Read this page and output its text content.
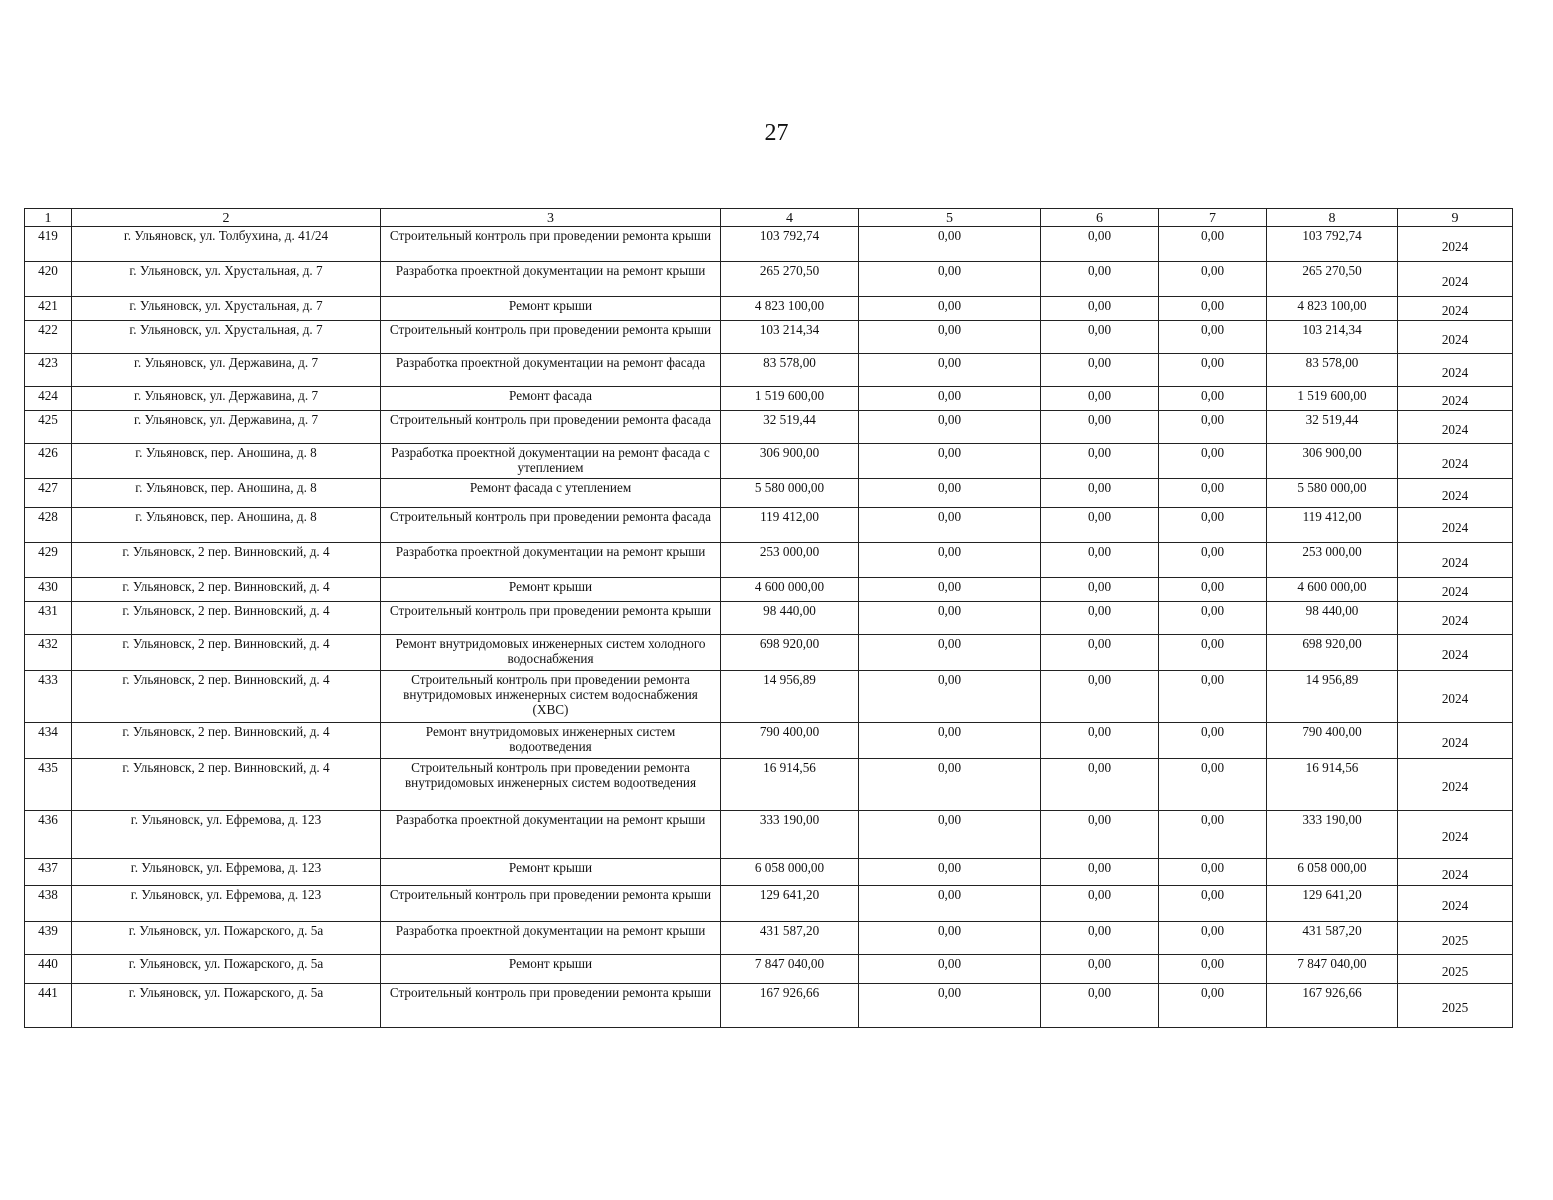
27
1	2	3	4	5	6	7	8	9
419	г. Ульяновск, ул. Толбухина, д. 41/24	Строительный контроль при проведении ремонта крыши	103 792,74	0,00	0,00	0,00	103 792,74	2024
420	г. Ульяновск, ул. Хрустальная, д. 7	Разработка проектной документации на ремонт крыши	265 270,50	0,00	0,00	0,00	265 270,50	2024
421	г. Ульяновск, ул. Хрустальная, д. 7	Ремонт крыши	4 823 100,00	0,00	0,00	0,00	4 823 100,00	2024
422	г. Ульяновск, ул. Хрустальная, д. 7	Строительный контроль при проведении ремонта крыши	103 214,34	0,00	0,00	0,00	103 214,34	2024
423	г. Ульяновск, ул. Державина, д. 7	Разработка проектной документации на ремонт фасада	83 578,00	0,00	0,00	0,00	83 578,00	2024
424	г. Ульяновск, ул. Державина, д. 7	Ремонт фасада	1 519 600,00	0,00	0,00	0,00	1 519 600,00	2024
425	г. Ульяновск, ул. Державина, д. 7	Строительный контроль при проведении ремонта фасада	32 519,44	0,00	0,00	0,00	32 519,44	2024
426	г. Ульяновск, пер. Аношина, д. 8	Разработка проектной документации на ремонт фасада с утеплением	306 900,00	0,00	0,00	0,00	306 900,00	2024
427	г. Ульяновск, пер. Аношина, д. 8	Ремонт фасада с утеплением	5 580 000,00	0,00	0,00	0,00	5 580 000,00	2024
428	г. Ульяновск, пер. Аношина, д. 8	Строительный контроль при проведении ремонта фасада	119 412,00	0,00	0,00	0,00	119 412,00	2024
429	г. Ульяновск, 2 пер. Винновский, д. 4	Разработка проектной документации на ремонт крыши	253 000,00	0,00	0,00	0,00	253 000,00	2024
430	г. Ульяновск, 2 пер. Винновский, д. 4	Ремонт крыши	4 600 000,00	0,00	0,00	0,00	4 600 000,00	2024
431	г. Ульяновск, 2 пер. Винновский, д. 4	Строительный контроль при проведении ремонта крыши	98 440,00	0,00	0,00	0,00	98 440,00	2024
432	г. Ульяновск, 2 пер. Винновский, д. 4	Ремонт внутридомовых инженерных систем холодного водоснабжения	698 920,00	0,00	0,00	0,00	698 920,00	2024
433	г. Ульяновск, 2 пер. Винновский, д. 4	Строительный контроль при проведении ремонта внутридомовых инженерных систем водоснабжения (ХВС)	14 956,89	0,00	0,00	0,00	14 956,89	2024
434	г. Ульяновск, 2 пер. Винновский, д. 4	Ремонт внутридомовых инженерных систем водоотведения	790 400,00	0,00	0,00	0,00	790 400,00	2024
435	г. Ульяновск, 2 пер. Винновский, д. 4	Строительный контроль при проведении ремонта внутридомовых инженерных систем водоотведения	16 914,56	0,00	0,00	0,00	16 914,56	2024
436	г. Ульяновск, ул. Ефремова, д. 123	Разработка проектной документации на ремонт крыши	333 190,00	0,00	0,00	0,00	333 190,00	2024
437	г. Ульяновск, ул. Ефремова, д. 123	Ремонт крыши	6 058 000,00	0,00	0,00	0,00	6 058 000,00	2024
438	г. Ульяновск, ул. Ефремова, д. 123	Строительный контроль при проведении ремонта крыши	129 641,20	0,00	0,00	0,00	129 641,20	2024
439	г. Ульяновск, ул. Пожарского, д. 5а	Разработка проектной документации на ремонт крыши	431 587,20	0,00	0,00	0,00	431 587,20	2025
440	г. Ульяновск, ул. Пожарского, д. 5а	Ремонт крыши	7 847 040,00	0,00	0,00	0,00	7 847 040,00	2025
441	г. Ульяновск, ул. Пожарского, д. 5а	Строительный контроль при проведении ремонта крыши	167 926,66	0,00	0,00	0,00	167 926,66	2025
